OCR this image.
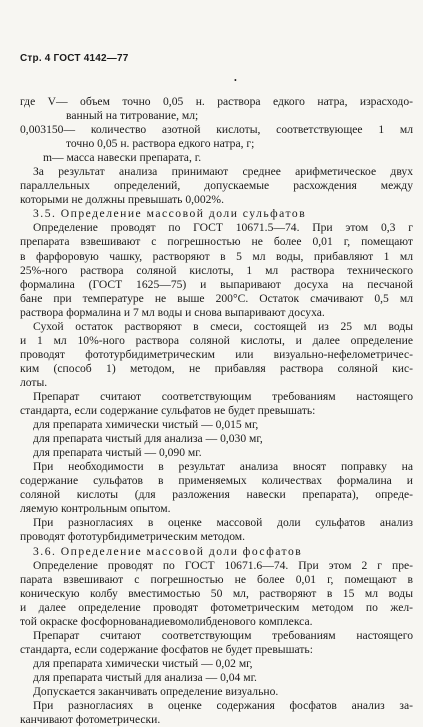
Стр. 4 ГОСТ 4142—77
•
где V— объем точно 0,05 н. раствора едкого натра, израсходо-
ванный на титрование, мл;
0,003150— количество азотной кислоты, соответствующее 1 мл
точно 0,05 н. раствора едкого натра, г;
m— масса навески препарата, г.
За результат анализа принимают среднее арифметическое двух
параллельных определений, допускаемые расхождения между
которыми не должны превышать 0,002%.
3.5. Определение массовой доли сульфатов
Определение проводят по ГОСТ 10671.5—74. При этом 0,3 г
препарата взвешивают с погрешностью не более 0,01 г, помещают
в фарфоровую чашку, растворяют в 5 мл воды, прибавляют 1 мл
25%-ного раствора соляной кислоты, 1 мл раствора технического
формалина (ГОСТ 1625—75) и выпаривают досуха на песчаной
бане при температуре не выше 200°С. Остаток смачивают 0,5 мл
раствора формалина и 7 мл воды и снова выпаривают досуха.
Сухой остаток растворяют в смеси, состоящей из 25 мл воды
и 1 мл 10%-ного раствора соляной кислоты, и далее определение
проводят фототурбидиметрическим или визуально-нефелометричес-
ким (способ 1) методом, не прибавляя раствора соляной кис-
лоты.
Препарат считают соответствующим требованиям настоящего
стандарта, если содержание сульфатов не будет превышать:
для препарата химически чистый — 0,015 мг,
для препарата чистый для анализа — 0,030 мг,
для препарата чистый — 0,090 мг.
При необходимости в результат анализа вносят поправку на
содержание сульфатов в применяемых количествах формалина и
соляной кислоты (для разложения навески препарата), опреде-
ляемую контрольным опытом.
При разногласиях в оценке массовой доли сульфатов анализ
проводят фототурбидиметрическим методом.
3.6. Определение массовой доли фосфатов
Определение проводят по ГОСТ 10671.6—74. При этом 2 г пре-
парата взвешивают с погрешностью не более 0,01 г, помещают в
коническую колбу вместимостью 50 мл, растворяют в 15 мл воды
и далее определение проводят фотометрическим методом по жел-
той окраске фосфорнованадиевомолибденового комплекса.
Препарат считают соответствующим требованиям настоящего
стандарта, если содержание фосфатов не будет превышать:
для препарата химически чистый — 0,02 мг,
для препарата чистый для анализа — 0,04 мг.
Допускается заканчивать определение визуально.
При разногласиях в оценке содержания фосфатов анализ за-
канчивают фотометрически.
